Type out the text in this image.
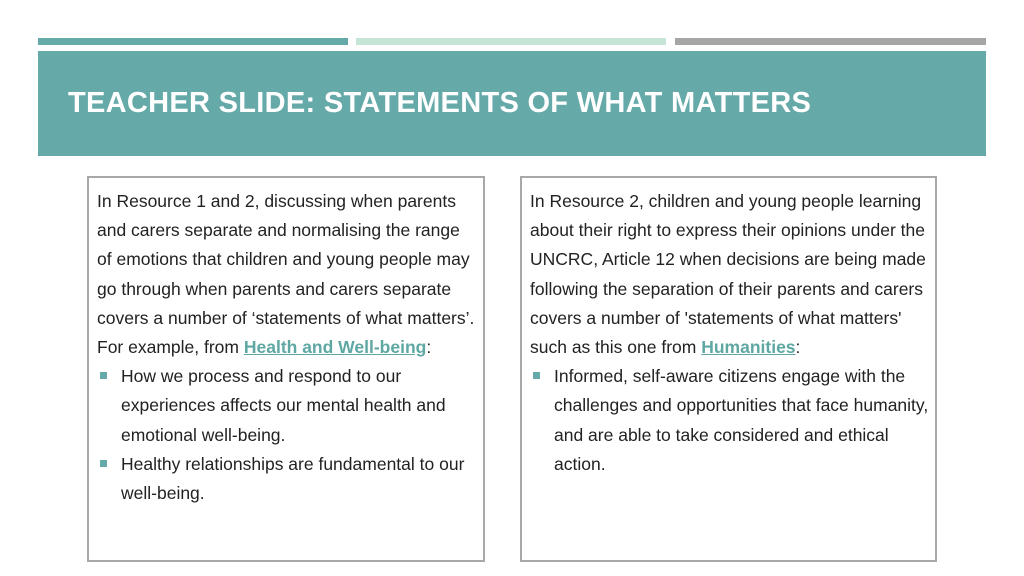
TEACHER SLIDE: STATEMENTS OF WHAT MATTERS

In Resource 1 and 2, discussing when parents and carers separate and normalising the range of emotions that children and young people may go through when parents and carers separate covers a number of ‘statements of what matters’. For example, from Health and Well-being:

How we process and respond to our experiences affects our mental health and emotional well-being.
Healthy relationships are fundamental to our well-being.

In Resource 2, children and young people learning about their right to express their opinions under the UNCRC, Article 12 when decisions are being made following the separation of their parents and carers covers a number of 'statements of what matters' such as this one from Humanities:

Informed, self-aware citizens engage with the challenges and opportunities that face humanity, and are able to take considered and ethical action.
